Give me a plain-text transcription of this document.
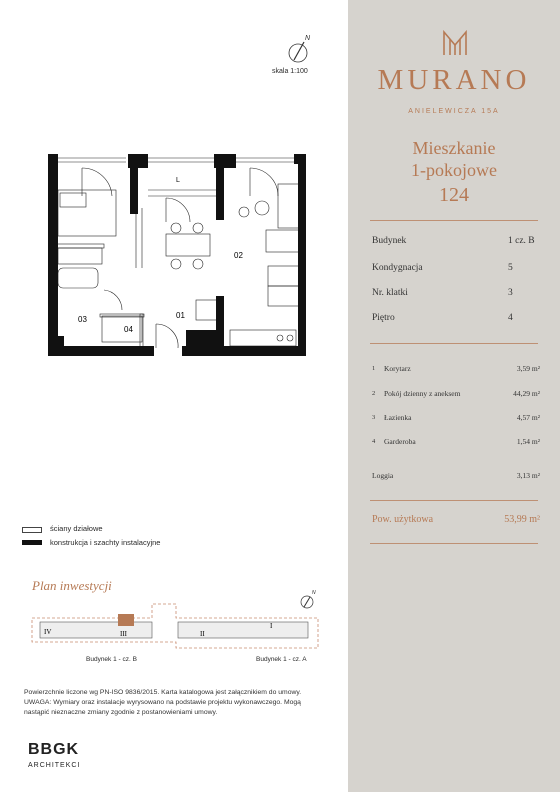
N
skala 1:100
L
02
01
03
04
ściany działowe
konstrukcja i szachty instalacyjne
Plan inwestycji
IV	III	II
I
N
Budynek 1 - cz. B	Budynek 1 - cz. A
Powierzchnie liczone wg PN-ISO 9836/2015. Karta katalogowa jest załącznikiem do umowy.
UWAGA: Wymiary oraz instalacje wyrysowano na podstawie projektu wykonawczego. Mogą
nastąpić nieznaczne zmiany zgodnie z postanowieniami umowy.
BBGK
ARCHITEKCI
MURANO
ANIELEWICZA 15A
Mieszkanie
1-pokojowe
124
Budynek	1 cz. B
Kondygnacja	5
Nr. klatki	3
Piętro	4
1 Korytarz	3,59 m²
2 Pokój dzienny z aneksem	44,29 m²
3 Łazienka	4,57 m²
4 Garderoba	1,54 m²
Loggia	3,13 m²
Pow. użytkowa	53,99 m²
